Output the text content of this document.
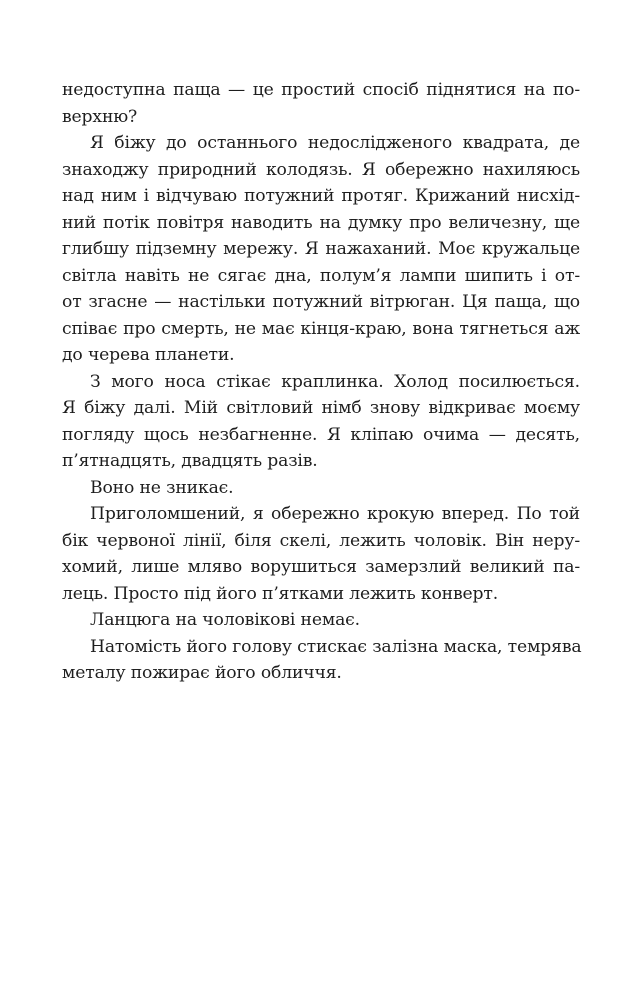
недоступна паща — це простий спосіб піднятися на по-
верхню?
Я біжу до останнього недослідженого квадрата, де
знаходжу природний колодязь. Я обережно нахиляюсь
над ним і відчуваю потужний протяг. Крижаний нисхід-
ний потік повітря наводить на думку про величезну, ще
глибшу підземну мережу. Я нажаханий. Моє кружальце
світла навіть не сягає дна, полум’я лампи шипить і от-
от згасне — настільки потужний вітрюган. Ця паща, що
співає про смерть, не має кінця-краю, вона тягнеться аж
до черева планети.
З мого носа стікає краплинка. Холод посилюється.
Я біжу далі. Мій світловий німб знову відкриває моєму
погляду щось незбагненне. Я кліпаю очима — десять,
п’ятнадцять, двадцять разів.
Воно не зникає.
Приголомшений, я обережно крокую вперед. По той
бік червоної лінії, біля скелі, лежить чоловік. Він неру-
хомий, лише мляво ворушиться замерзлий великий па-
лець. Просто під його п’ятками лежить конверт.
Ланцюга на чоловікові немає.
Натомість його голову стискає залізна маска, темрява
металу пожирає його обличчя.
